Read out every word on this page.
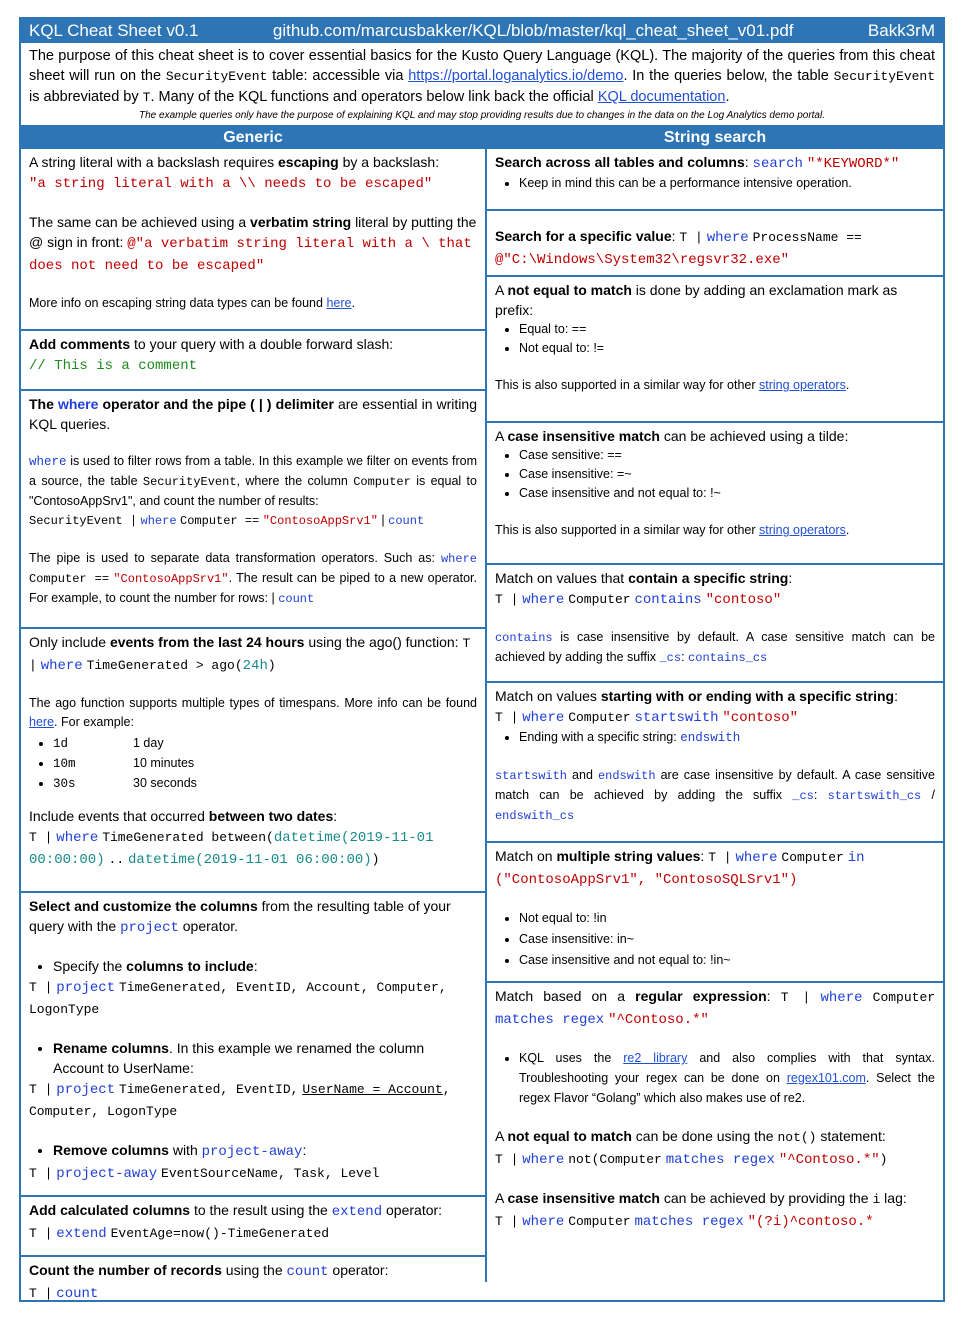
KQL Cheat Sheet v0.1	github.com/marcusbakker/KQL/blob/master/kql_cheat_sheet_v01.pdf	Bakk3rM
The purpose of this cheat sheet is to cover essential basics for the Kusto Query Language (KQL). The majority of the queries from this cheat sheet will run on the SecurityEvent table: accessible via https://portal.loganalytics.io/demo. In the queries below, the table SecurityEvent is abbreviated by T. Many of the KQL functions and operators below link back the official KQL documentation.
The example queries only have the purpose of explaining KQL and may stop providing results due to changes in the data on the Log Analytics demo portal.
Generic

A string literal with a backslash requires escaping by a backslash:

"a string literal with a \\ needs to be escaped"

The same can be achieved using a verbatim string literal by putting the @ sign in front: @"a verbatim string literal with a \ that does not need to be escaped"

More info on escaping string data types can be found here.

Add comments to your query with a double forward slash:

// This is a comment

The where operator and the pipe ( | ) delimiter are essential in writing KQL queries.

where is used to filter rows from a table. In this example we filter on events from a source, the table SecurityEvent, where the column Computer is equal to "ContosoAppSrv1", and count the number of results:

SecurityEvent | where Computer == "ContosoAppSrv1" | count

The pipe is used to separate data transformation operators. Such as: where Computer == "ContosoAppSrv1". The result can be piped to a new operator. For example, to count the number for rows: | count

Only include events from the last 24 hours using the ago() function: T | where TimeGenerated > ago(24h)

The ago function supports multiple types of timespans. More info can be found here. For example:

• 1d	1 day
• 10m	10 minutes
• 30s	30 seconds

Include events that occurred between two dates:

T | where TimeGenerated between(datetime(2019-11-01 00:00:00) .. datetime(2019-11-01 06:00:00))

Select and customize the columns from the resulting table of your query with the project operator.

• Specify the columns to include:

T | project TimeGenerated, EventID, Account, Computer, LogonType

• Rename columns. In this example we renamed the column Account to UserName:

T | project TimeGenerated, EventID, UserName = Account, Computer, LogonType

• Remove columns with project-away:

T | project-away EventSourceName, Task, Level

Add calculated columns to the result using the extend operator:

T | extend EventAge=now()-TimeGenerated

Count the number of records using the count operator:

T | count

String search

Search across all tables and columns: search "*KEYWORD*"

• Keep in mind this can be a performance intensive operation.

Search for a specific value: T | where ProcessName == @"C:\Windows\System32\regsvr32.exe"

A not equal to match is done by adding an exclamation mark as prefix:

• Equal to: ==
• Not equal to: !=

This is also supported in a similar way for other string operators.

A case insensitive match can be achieved using a tilde:

• Case sensitive: ==
• Case insensitive: =~
• Case insensitive and not equal to: !~

This is also supported in a similar way for other string operators.

Match on values that contain a specific string:

T | where Computer contains "contoso"

contains is case insensitive by default. A case sensitive match can be achieved by adding the suffix _cs: contains_cs

Match on values starting with or ending with a specific string:

T | where Computer startswith "contoso"

• Ending with a specific string: endswith

startswith and endswith are case insensitive by default. A case sensitive match can be achieved by adding the suffix _cs: startswith_cs / endswith_cs

Match on multiple string values: T | where Computer in ("ContosoAppSrv1", "ContosoSQLSrv1")

• Not equal to: !in
• Case insensitive: in~
• Case insensitive and not equal to: !in~

Match based on a regular expression: T | where Computer matches regex "^Contoso.*"

• KQL uses the re2 library and also complies with that syntax. Troubleshooting your regex can be done on regex101.com. Select the regex Flavor “Golang” which also makes use of re2.

A not equal to match can be done using the not() statement:

T | where not(Computer matches regex "^Contoso.*")

A case insensitive match can be achieved by providing the i lag:

T | where Computer matches regex "(?i)^contoso.*
